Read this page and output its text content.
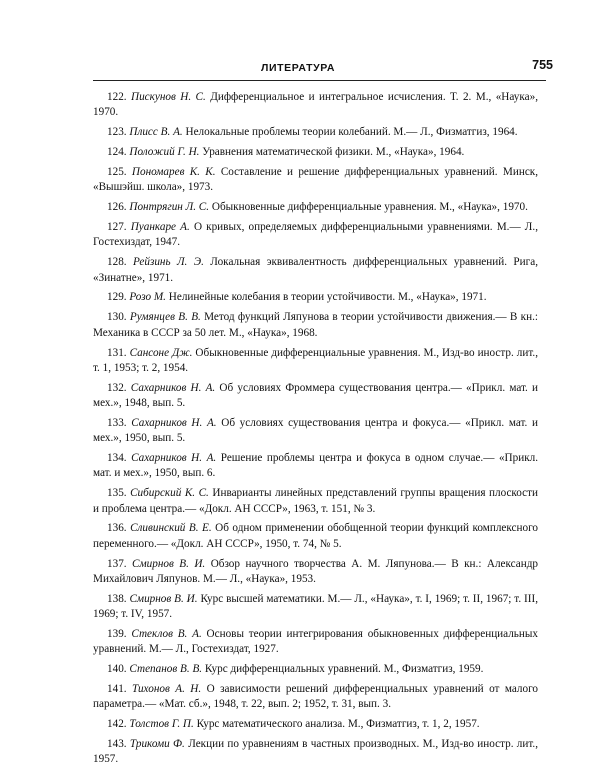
ЛИТЕРАТУРА	755

122. Пискунов Н. С. Дифференциальное и интегральное исчисления. Т. 2. М., «Наука», 1970.

123. Плисс В. А. Нелокальные проблемы теории колебаний. М.— Л., Физматгиз, 1964.

124. Положий Г. Н. Уравнения математической физики. М., «Наука», 1964.

125. Пономарев К. К. Составление и решение дифференциальных уравнений. Минск, «Вышэйш. школа», 1973.

126. Понтрягин Л. С. Обыкновенные дифференциальные уравнения. М., «Наука», 1970.

127. Пуанкаре А. О кривых, определяемых дифференциальными уравнениями. М.— Л., Гостехиздат, 1947.

128. Рейзинь Л. Э. Локальная эквивалентность дифференциальных уравнений. Рига, «Зинатне», 1971.

129. Розо М. Нелинейные колебания в теории устойчивости. М., «Наука», 1971.

130. Румянцев В. В. Метод функций Ляпунова в теории устойчивости движения.— В кн.: Механика в СССР за 50 лет. М., «Наука», 1968.

131. Сансоне Дж. Обыкновенные дифференциальные уравнения. М., Изд-во иностр. лит., т. 1, 1953; т. 2, 1954.

132. Сахарников Н. А. Об условиях Фроммера существования центра.— «Прикл. мат. и мех.», 1948, вып. 5.

133. Сахарников Н. А. Об условиях существования центра и фокуса.— «Прикл. мат. и мех.», 1950, вып. 5.

134. Сахарников Н. А. Решение проблемы центра и фокуса в одном случае.— «Прикл. мат. и мех.», 1950, вып. 6.

135. Сибирский К. С. Инварианты линейных представлений группы вращения плоскости и проблема центра.— «Докл. АН СССР», 1963, т. 151, № 3.

136. Сливинский В. Е. Об одном применении обобщенной теории функций комплексного переменного.— «Докл. АН СССР», 1950, т. 74, № 5.

137. Смирнов В. И. Обзор научного творчества А. М. Ляпунова.— В кн.: Александр Михайлович Ляпунов. М.— Л., «Наука», 1953.

138. Смирнов В. И. Курс высшей математики. М.— Л., «Наука», т. I, 1969; т. II, 1967; т. III, 1969; т. IV, 1957.

139. Стеклов В. А. Основы теории интегрирования обыкновенных дифференциальных уравнений. М.— Л., Гостехиздат, 1927.

140. Степанов В. В. Курс дифференциальных уравнений. М., Физматгиз, 1959.

141. Тихонов А. Н. О зависимости решений дифференциальных уравнений от малого параметра.— «Мат. сб.», 1948, т. 22, вып. 2; 1952, т. 31, вып. 3.

142. Толстов Г. П. Курс математического анализа. М., Физматгиз, т. 1, 2, 1957.

143. Трикоми Ф. Лекции по уравнениям в частных производных. М., Изд-во иностр. лит., 1957.
